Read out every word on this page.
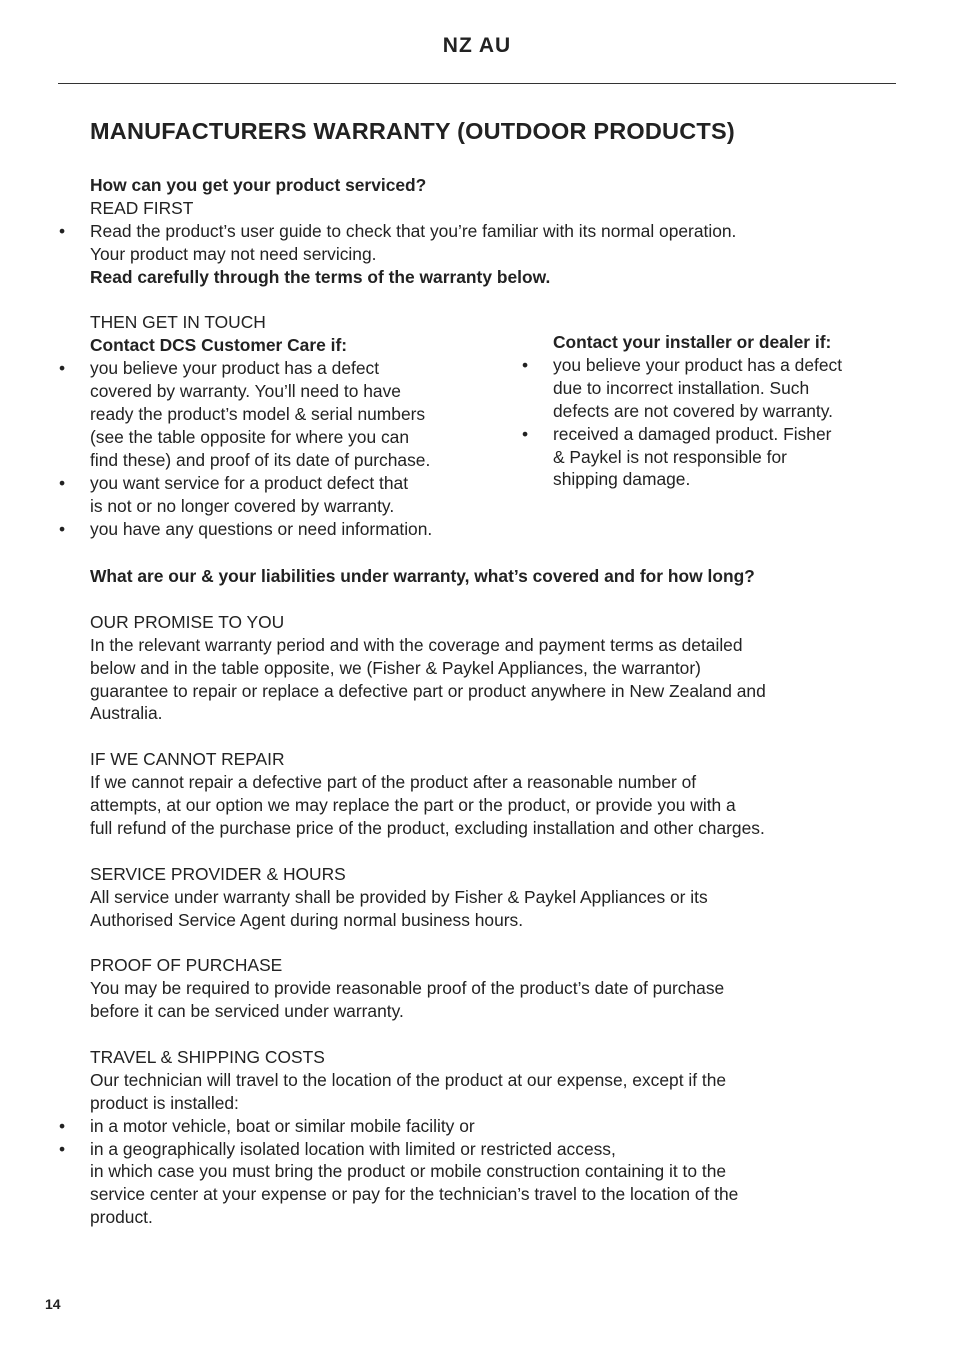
NZ AU
MANUFACTURERS WARRANTY (OUTDOOR PRODUCTS)
How can you get your product serviced?
READ FIRST
• Read the product’s user guide to check that you’re familiar with its normal operation.
Your product may not need servicing.
Read carefully through the terms of the warranty below.
THEN GET IN TOUCH
Contact DCS Customer Care if:
• you believe your product has a defect
covered by warranty. You’ll need to have
ready the product’s model & serial numbers
(see the table opposite for where you can
find these) and proof of its date of purchase.
• you want service for a product defect that
is not or no longer covered by warranty.
• you have any questions or need information.
Contact your installer or dealer if:
• you believe your product has a defect
due to incorrect installation. Such
defects are not covered by warranty.
• received a damaged product. Fisher
& Paykel is not responsible for
shipping damage.
What are our & your liabilities under warranty, what’s covered and for how long?
OUR PROMISE TO YOU
In the relevant warranty period and with the coverage and payment terms as detailed
below and in the table opposite, we (Fisher & Paykel Appliances, the warrantor)
guarantee to repair or replace a defective part or product anywhere in New Zealand and
Australia.
IF WE CANNOT REPAIR
If we cannot repair a defective part of the product after a reasonable number of
attempts, at our option we may replace the part or the product, or provide you with a
full refund of the purchase price of the product, excluding installation and other charges.
SERVICE PROVIDER & HOURS
All service under warranty shall be provided by Fisher & Paykel Appliances or its
Authorised Service Agent during normal business hours.
PROOF OF PURCHASE
You may be required to provide reasonable proof of the product’s date of purchase
before it can be serviced under warranty.
TRAVEL & SHIPPING COSTS
Our technician will travel to the location of the product at our expense, except if the
product is installed:
• in a motor vehicle, boat or similar mobile facility or
• in a geographically isolated location with limited or restricted access,
in which case you must bring the product or mobile construction containing it to the
service center at your expense or pay for the technician’s travel to the location of the
product.
14
